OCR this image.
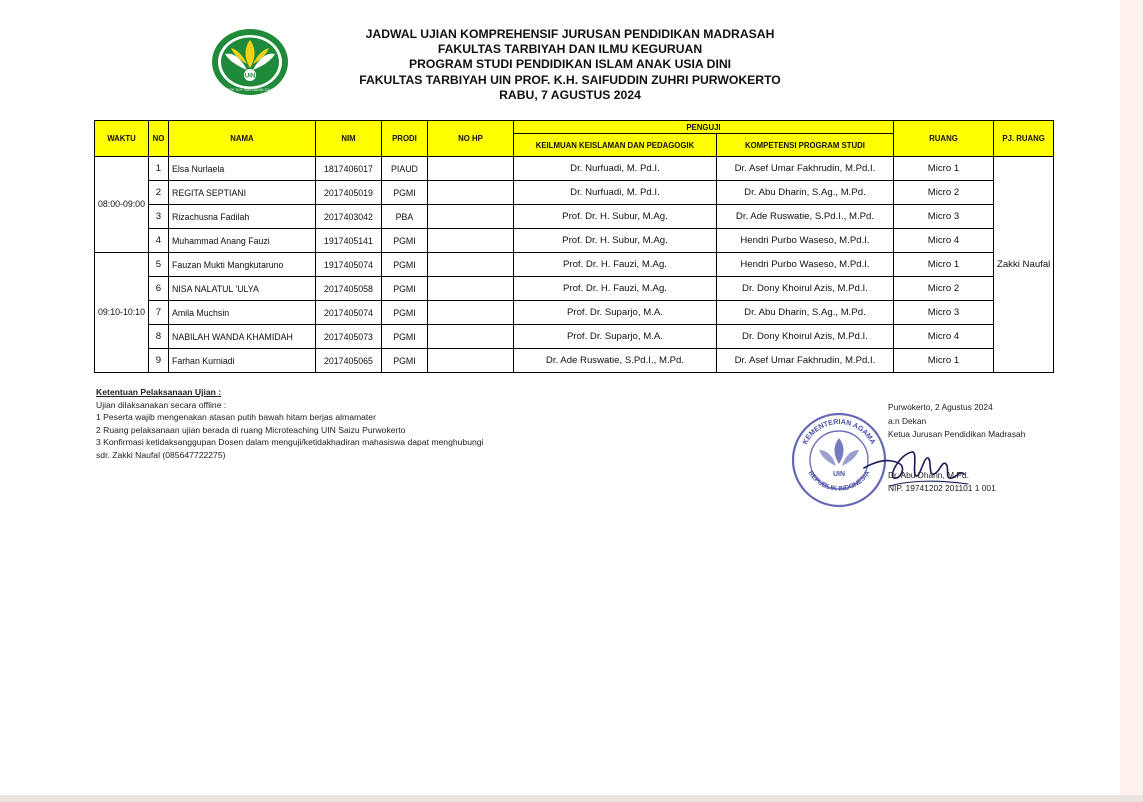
UIN
PROF. K.H. SAIFUDDIN ZUHRI
JADWAL UJIAN KOMPREHENSIF JURUSAN PENDIDIKAN MADRASAH
FAKULTAS TARBIYAH DAN ILMU KEGURUAN
PROGRAM STUDI PENDIDIKAN ISLAM ANAK USIA DINI
FAKULTAS TARBIYAH UIN PROF. K.H. SAIFUDDIN ZUHRI PURWOKERTO
RABU, 7 AGUSTUS 2024
WAKTU	NO	NAMA	NIM	PRODI	NO HP	PENGUJI		RUANG	PJ. RUANG
						KEILMUAN KEISLAMAN DAN PEDAGOGIK	KOMPETENSI PROGRAM STUDI		
08:00-09:00	1	Elsa Nurlaela	1817406017	PIAUD		Dr. Nurfuadi, M. Pd.I.	Dr. Asef Umar Fakhrudin, M.Pd.I.	Micro 1	Zakki Naufal
	2	REGITA SEPTIANI	2017405019	PGMI		Dr. Nurfuadi, M. Pd.I.	Dr. Abu Dharin, S.Ag., M.Pd.	Micro 2	
	3	Rizachusna Fadilah	2017403042	PBA		Prof. Dr. H. Subur, M.Ag.	Dr. Ade Ruswatie, S.Pd.I., M.Pd.	Micro 3	
	4	Muhammad Anang Fauzi	1917405141	PGMI		Prof. Dr. H. Subur, M.Ag.	Hendri Purbo Waseso, M.Pd.I.	Micro 4	
09:10-10:10	5	Fauzan Mukti Mangkutaruno	1917405074	PGMI		Prof. Dr. H. Fauzi, M.Ag.	Hendri Purbo Waseso, M.Pd.I.	Micro 1	
	6	NISA NALATUL 'ULYA	2017405058	PGMI		Prof. Dr. H. Fauzi, M.Ag.	Dr. Dony Khoirul Azis, M.Pd.I.	Micro 2	
	7	Amila Muchsin	2017405074	PGMI		Prof. Dr. Suparjo, M.A.	Dr. Abu Dharin, S.Ag., M.Pd.	Micro 3	
	8	NABILAH WANDA KHAMIDAH	2017405073	PGMI		Prof. Dr. Suparjo, M.A.	Dr. Dony Khoirul Azis, M.Pd.I.	Micro 4	
	9	Farhan Kurniadi	2017405065	PGMI		Dr. Ade Ruswatie, S.Pd.I., M.Pd.	Dr. Asef Umar Fakhrudin, M.Pd.I.	Micro 1	
Ketentuan Pelaksanaan Ujian :
Ujian dilaksanakan secara offline :
1 Peserta wajib mengenakan atasan putih bawah hitam berjas almamater
2 Ruang pelaksanaan ujian berada di ruang Microteaching UIN Saizu Purwokerto
3 Konfirmasi ketidaksanggupan Dosen dalam menguji/ketidakhadiran mahasiswa dapat menghubungi
sdr. Zakki Naufal (085647722275)
KEMENTERIAN AGAMA
REPUBLIK INDONESIA
UIN
Purwokerto, 2 Agustus 2024
a.n Dekan
Ketua Jurusan Pendidikan Madrasah
Dr. Abu Dharin, M.Pd.
NIP. 19741202 201101 1 001
